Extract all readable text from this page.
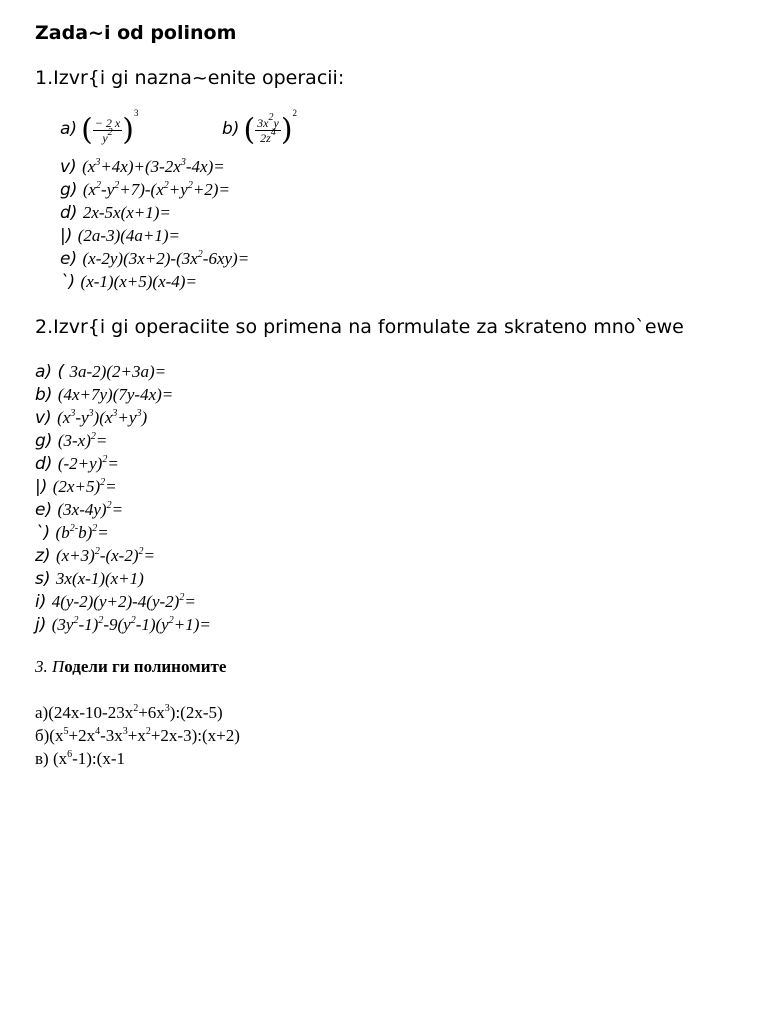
Zada~i od polinom
1.Izvr{i gi nazna~enite operacii:
a) ( $\frac{- 2 x}{y^2} )^3$
b) ( $\frac{3x^2y}{2z^4} )^2$
v) $(x^3+4x)+(3-2x^3-4x)=$
g) $(x^2-y^2+7)-(x^2+y^2+2)=$
d) 2x-5x(x+1)=
|) (2a-3)(4a+1)=
e) $(x-2y)(3x+2)-(3x^2-6xy)=$
`) (x-1)(x+5)(x-4)=
2.Izvr{i gi operaciite so primena na formulate za skrateno mno`ewe
a) ( 3a-2)(2+3a)=
b) (4x+7y)(7y-4x)=
v) $(x^3-y^3)(x^3+y^3)$
g) $(3-x)^2=$
d) $(-2+y)^2=$
|) $(2x+5)^2=$
e) $(3x-4y)^2=$
`) $(b^{2-}b)^2=$
z) $(x+3)^2-(x-2)^2=$
s) 3x(x-1)(x+1)
i) $4(y-2)(y+2)-4(y-2)^2=$
j) $(3y^2-1)^2-9(y^2-1)(y^2+1)=$
3. Подели ги полиномите
$а)(24x-10-23x^2+6x^3):(2x-5)$
$б)(x^5+2x^4-3x^3+x^2+2x-3):(x+2)$
в) $(x^6-1):(x-1$
